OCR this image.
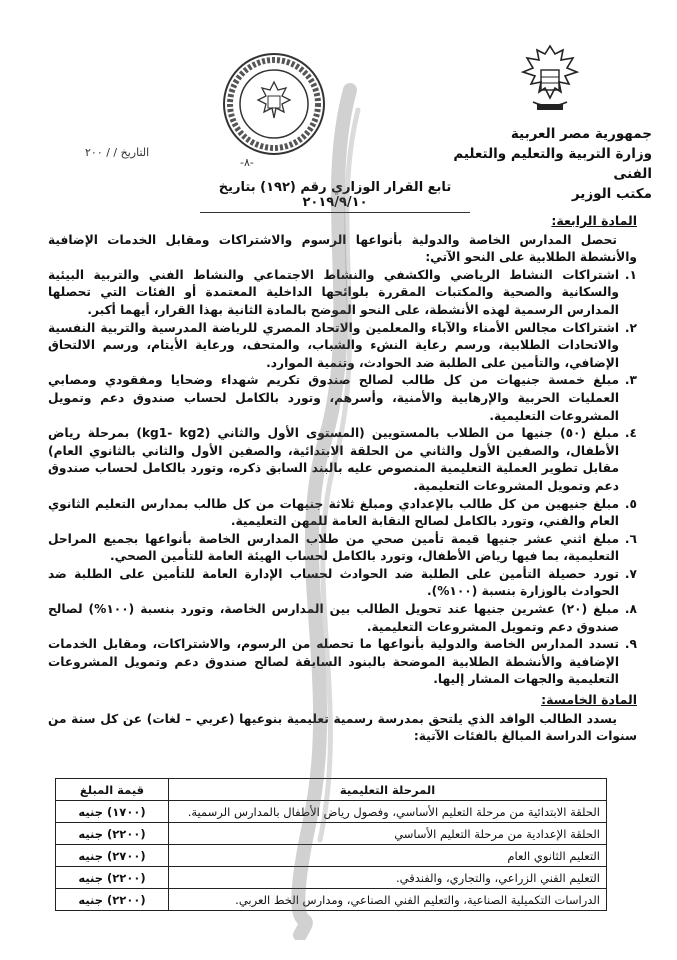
جمهورية مصر العربية
وزارة التربية والتعليم والتعليم الفنى
مكتب الوزير
التاريخ / / ٢٠٠
-٨-
تابع القرار الوزاري رقم (١٩٢) بتاريخ ٢٠١٩/٩/١٠
المادة الرابعة:

تحصل المدارس الخاصة والدولية بأنواعها الرسوم والاشتراكات ومقابل الخدمات الإضافية والأنشطة الطلابية على النحو الآتي:

١.
اشتراكات النشاط الرياضي والكشفي والنشاط الاجتماعي والنشاط الفني والتربية البيئية والسكانية والصحية والمكتبات المقررة بلوائحها الداخلية المعتمدة أو الفئات التي تحصلها المدارس الرسمية لهذه الأنشطة، على النحو الموضح بالمادة الثانية بهذا القرار، أيهما أكبر.
٢.
اشتراكات مجالس الأمناء والآباء والمعلمين والاتحاد المصري للرياضة المدرسية والتربية النفسية والاتحادات الطلابية، ورسم رعاية النشء والشباب، والمتحف، ورعاية الأيتام، ورسم الالتحاق الإضافي، والتأمين على الطلبة ضد الحوادث، وتنمية الموارد.
٣.
مبلغ خمسة جنيهات من كل طالب لصالح صندوق تكريم شهداء وضحايا ومفقودي ومصابي العمليات الحربية والإرهابية والأمنية، وأسرهم، وتورد بالكامل لحساب صندوق دعم وتمويل المشروعات التعليمية.
٤.
مبلغ (٥٠) جنيها من الطلاب بالمستويين (المستوى الأول والثاني (kg1- kg2) بمرحلة رياض الأطفال، والصفين الأول والثاني من الحلقة الابتدائية، والصفين الأول والثاني بالثانوي العام) مقابل تطوير العملية التعليمية المنصوص عليه بالبند السابق ذكره، وتورد بالكامل لحساب صندوق دعم وتمويل المشروعات التعليمية.
٥.
مبلغ جنيهين من كل طالب بالإعدادي ومبلغ ثلاثة جنيهات من كل طالب بمدارس التعليم الثانوي العام والفني، وتورد بالكامل لصالح النقابة العامة للمهن التعليمية.
٦.
مبلغ اثني عشر جنيها قيمة تأمين صحي من طلاب المدارس الخاصة بأنواعها بجميع المراحل التعليمية، بما فيها رياض الأطفال، وتورد بالكامل لحساب الهيئة العامة للتأمين الصحي.
٧.
تورد حصيلة التأمين على الطلبة ضد الحوادث لحساب الإدارة العامة للتأمين على الطلبة ضد الحوادث بالوزارة بنسبة (١٠٠%).
٨.
مبلغ (٢٠) عشرين جنيها عند تحويل الطالب بين المدارس الخاصة، وتورد بنسبة (١٠٠%) لصالح صندوق دعم وتمويل المشروعات التعليمية.
٩.
تسدد المدارس الخاصة والدولية بأنواعها ما تحصله من الرسوم، والاشتراكات، ومقابل الخدمات الإضافية والأنشطة الطلابية الموضحة بالبنود السابقة لصالح صندوق دعم وتمويل المشروعات التعليمية والجهات المشار إليها.
المادة الخامسة:

يسدد الطالب الوافد الذي يلتحق بمدرسة رسمية تعليمية بنوعيها (عربي – لغات) عن كل سنة من سنوات الدراسة المبالغ بالفئات الآتية:

المرحلة التعليمية	قيمة المبلغ
الحلقة الابتدائية من مرحلة التعليم الأساسي، وفصول رياض الأطفال بالمدارس الرسمية.	(١٧٠٠) جنيه
الحلقة الإعدادية من مرحلة التعليم الأساسي	(٢٢٠٠) جنيه
التعليم الثانوي العام	(٢٧٠٠) جنيه
التعليم الفني الزراعي، والتجاري، والفندقي.	(٢٢٠٠) جنيه
الدراسات التكميلية الصناعية، والتعليم الفني الصناعي، ومدارس الخط العربي.	(٢٢٠٠) جنيه
